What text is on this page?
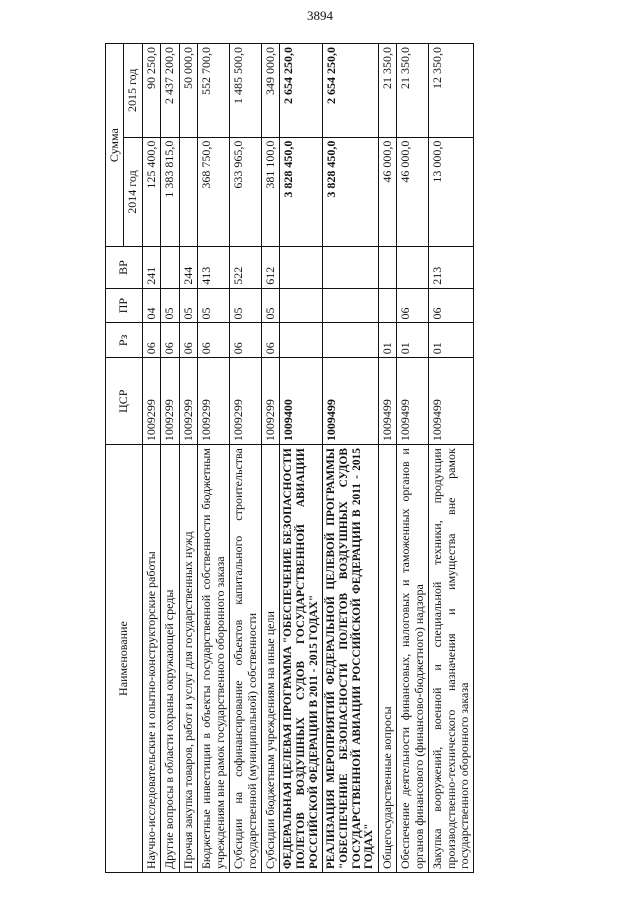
3894
Наименование	ЦСР	Рз	ПР	ВР	Сумма	
					2014 год	2015 год
Научно-исследовательские и опытно-конструкторские работы	1009299	06	04	241	125 400,0	90 250,0
Другие вопросы в области охраны окружающей среды	1009299	06	05		1 383 815,0	2 437 200,0
Прочая закупка товаров, работ и услуг для государственных нужд	1009299	06	05	244		50 000,0
Бюджетные инвестиции в объекты государственной собственности бюджетным учреждениям вне рамок государственного оборонного заказа	1009299	06	05	413	368 750,0	552 700,0
Субсидии на софинансирование объектов капитального строительства государственной (муниципальной) собственности	1009299	06	05	522	633 965,0	1 485 500,0
Субсидии бюджетным учреждениям на иные цели	1009299	06	05	612	381 100,0	349 000,0
ФЕДЕРАЛЬНАЯ ЦЕЛЕВАЯ ПРОГРАММА "ОБЕСПЕЧЕНИЕ БЕЗОПАСНОСТИ ПОЛЕТОВ ВОЗДУШНЫХ СУДОВ ГОСУДАРСТВЕННОЙ АВИАЦИИ РОССИЙСКОЙ ФЕДЕРАЦИИ В 2011 - 2015 ГОДАХ"	1009400				3 828 450,0	2 654 250,0
РЕАЛИЗАЦИЯ МЕРОПРИЯТИЙ ФЕДЕРАЛЬНОЙ ЦЕЛЕВОЙ ПРОГРАММЫ "ОБЕСПЕЧЕНИЕ БЕЗОПАСНОСТИ ПОЛЕТОВ ВОЗДУШНЫХ СУДОВ ГОСУДАРСТВЕННОЙ АВИАЦИИ РОССИЙСКОЙ ФЕДЕРАЦИИ В 2011 - 2015 ГОДАХ"	1009499				3 828 450,0	2 654 250,0
Общегосударственные вопросы	1009499	01			46 000,0	21 350,0
Обеспечение деятельности финансовых, налоговых и таможенных органов и органов финансового (финансово-бюджетного) надзора	1009499	01	06		46 000,0	21 350,0
Закупка вооружений, военной и специальной техники, продукции производственно-технического назначения и имущества вне рамок государственного оборонного заказа	1009499	01	06	213	13 000,0	12 350,0
